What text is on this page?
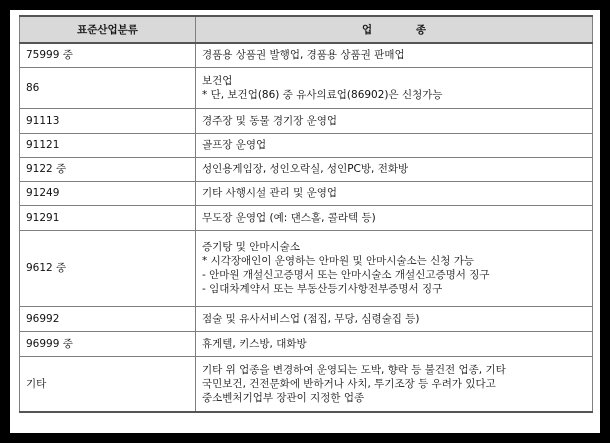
표준산업분류	업 종
75999 중	경품용 상품권 발행업, 경품용 상품권 판매업

86	보건업
* 단, 보건업(86) 중 유사의료업(86902)은 신청가능

91113	경주장 및 동물 경기장 운영업

91121	골프장 운영업

9122 중	성인용게임장, 성인오락실, 성인PC방, 전화방

91249	기타 사행시설 관리 및 운영업

91291	무도장 운영업 (예: 댄스홀, 콜라텍 등)

9612 중	증기탕 및 안마시술소
* 시각장애인이 운영하는 안마원 및 안마시술소는 신청 가능
- 안마원 개설신고증명서 또는 안마시술소 개설신고증명서 징구
- 임대차계약서 또는 부동산등기사항전부증명서 징구

96992	점술 및 유사서비스업 (점집, 무당, 심령술집 등)

96999 중	휴게텔, 키스방, 대화방

기타	기타 위 업종을 변경하여 운영되는 도박, 향락 등 불건전 업종, 기타
국민보건, 건전문화에 반하거나 사치, 투기조장 등 우려가 있다고
중소벤처기업부 장관이 지정한 업종
